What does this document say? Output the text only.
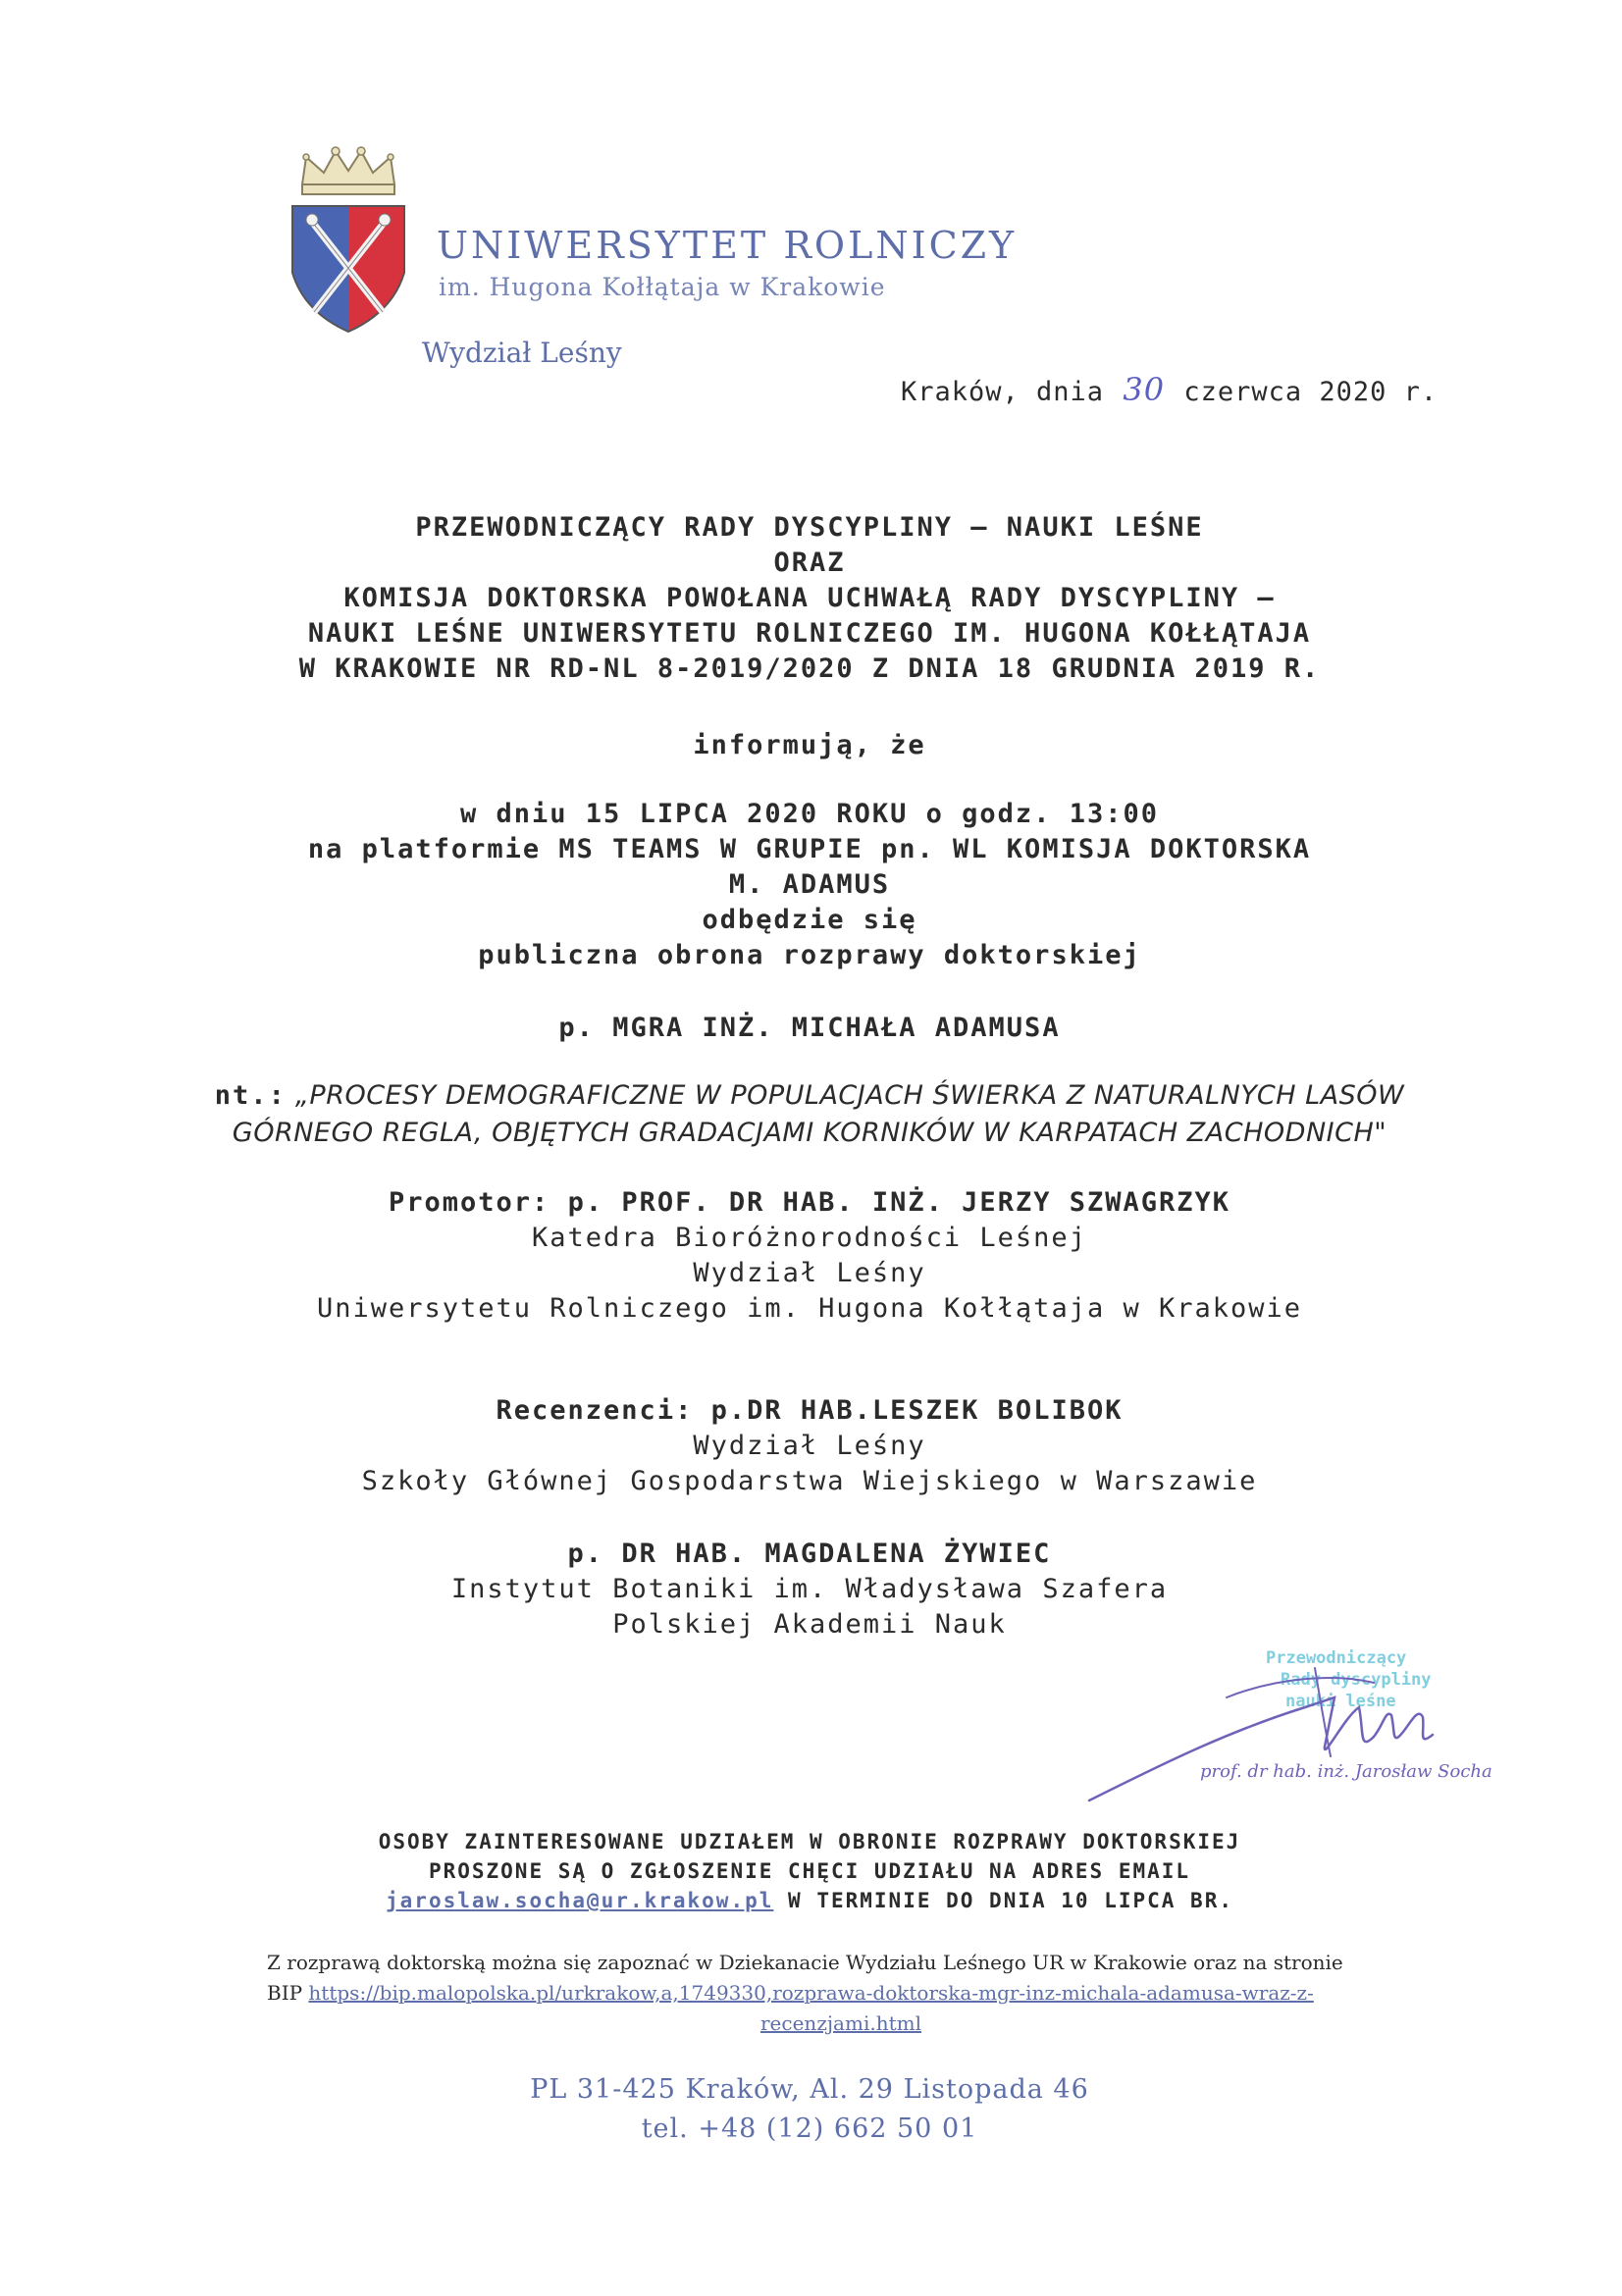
UNIWERSYTET ROLNICZY
im. Hugona Kołłątaja w Krakowie
Wydział Leśny
Kraków, dnia 30 czerwca 2020 r.
PRZEWODNICZĄCY RADY DYSCYPLINY – NAUKI LEŚNE
ORAZ
KOMISJA DOKTORSKA POWOŁANA UCHWAŁĄ RADY DYSCYPLINY –
NAUKI LEŚNE UNIWERSYTETU ROLNICZEGO IM. HUGONA KOŁŁĄTAJA
W KRAKOWIE NR RD-NL 8-2019/2020 Z DNIA 18 GRUDNIA 2019 R.
informują, że
w dniu 15 LIPCA 2020 ROKU o godz. 13:00
na platformie MS TEAMS W GRUPIE pn. WL KOMISJA DOKTORSKA
M. ADAMUS
odbędzie się
publiczna obrona rozprawy doktorskiej
p. MGRA INŻ. MICHAŁA ADAMUSA
nt.: „PROCESY DEMOGRAFICZNE W POPULACJACH ŚWIERKA Z NATURALNYCH LASÓW
GÓRNEGO REGLA, OBJĘTYCH GRADACJAMI KORNIKÓW W KARPATACH ZACHODNICH"
Promotor: p. PROF. DR HAB. INŻ. JERZY SZWAGRZYK
Katedra Bioróżnorodności Leśnej
Wydział Leśny
Uniwersytetu Rolniczego im. Hugona Kołłątaja w Krakowie
Recenzenci: p.DR HAB.LESZEK BOLIBOK
Wydział Leśny
Szkoły Głównej Gospodarstwa Wiejskiego w Warszawie
p. DR HAB. MAGDALENA ŻYWIEC
Instytut Botaniki im. Władysława Szafera
Polskiej Akademii Nauk
Przewodniczący
Rady dyscypliny
nauki leśne
prof. dr hab. inż. Jarosław Socha
OSOBY ZAINTERESOWANE UDZIAŁEM W OBRONIE ROZPRAWY DOKTORSKIEJ
PROSZONE SĄ O ZGŁOSZENIE CHĘCI UDZIAŁU NA ADRES EMAIL
jaroslaw.socha@ur.krakow.pl W TERMINIE DO DNIA 10 LIPCA BR.
Z rozprawą doktorską można się zapoznać w Dziekanacie Wydziału Leśnego UR w Krakowie oraz na stronie
BIP https://bip.malopolska.pl/urkrakow,a,1749330,rozprawa-doktorska-mgr-inz-michala-adamusa-wraz-z-
recenzjami.html
PL 31-425 Kraków, Al. 29 Listopada 46
tel. +48 (12) 662 50 01
